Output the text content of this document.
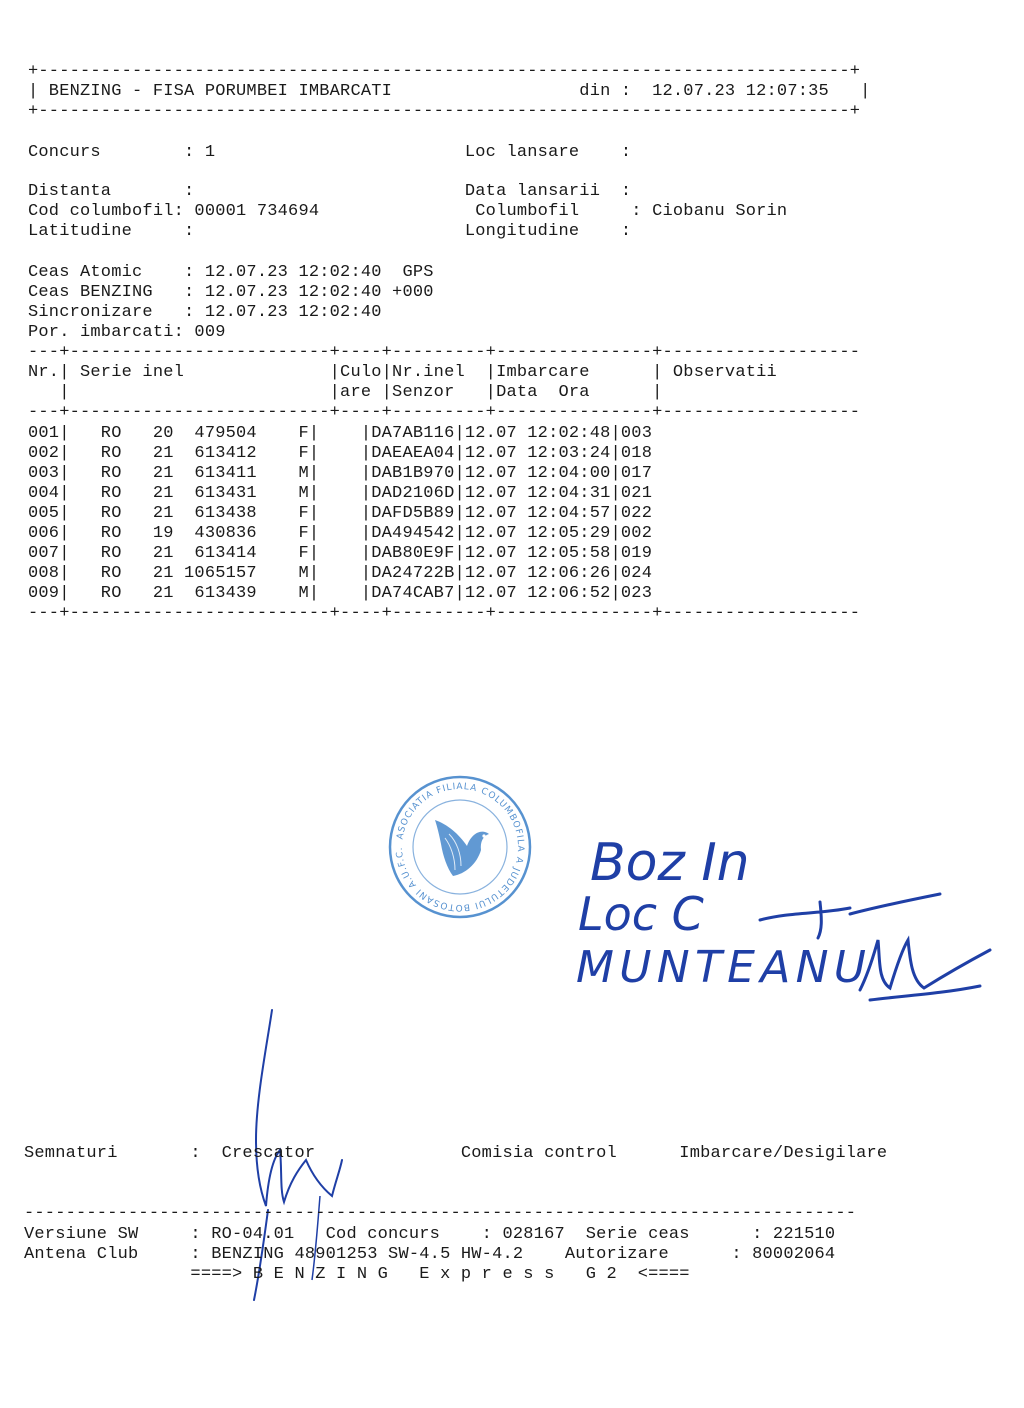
+------------------------------------------------------------------------------+
| BENZING - FISA PORUMBEI IMBARCATI                  din :  12.07.23 12:07:35   |
+------------------------------------------------------------------------------+
Concurs        : 1                        Loc lansare    :
Distanta       :                          Data lansarii  :
Cod columbofil: 00001 734694               Columbofil     : Ciobanu Sorin
Latitudine     :                          Longitudine    :
Ceas Atomic    : 12.07.23 12:02:40  GPS
Ceas BENZING   : 12.07.23 12:02:40 +000
Sincronizare   : 12.07.23 12:02:40
Por. imbarcati: 009
---+-------------------------+----+---------+---------------+-------------------
Nr.| Serie inel              |Culo|Nr.inel  |Imbarcare      | Observatii
|                         |are |Senzor   |Data  Ora      |
---+-------------------------+----+---------+---------------+-------------------
001|   RO   20  479504    F|    |DA7AB116|12.07 12:02:48|003
002|   RO   21  613412    F|    |DAEAEA04|12.07 12:03:24|018
003|   RO   21  613411    M|    |DAB1B970|12.07 12:04:00|017
004|   RO   21  613431    M|    |DAD2106D|12.07 12:04:31|021
005|   RO   21  613438    F|    |DAFD5B89|12.07 12:04:57|022
006|   RO   19  430836    F|    |DA494542|12.07 12:05:29|002
007|   RO   21  613414    F|    |DAB80E9F|12.07 12:05:58|019
008|   RO   21 1065157    M|    |DA24722B|12.07 12:06:26|024
009|   RO   21  613439    M|    |DA74CAB7|12.07 12:06:52|023
---+-------------------------+----+---------+---------------+-------------------
ASOCIATIA FILIALA COLUMBOFILA A JUDETULUI BOTOSANI A.U.F.C.R. CIF 47102082
Boz In
Loc C
MUNTEANU
Semnaturi       :  Crescator              Comisia control      Imbarcare/Desigilare
--------------------------------------------------------------------------------
Versiune SW     : RO-04.01   Cod concurs    : 028167  Serie ceas      : 221510
Antena Club     : BENZING 48901253 SW-4.5 HW-4.2    Autorizare      : 80002064
====> B E N Z I N G   E x p r e s s   G 2  <====
